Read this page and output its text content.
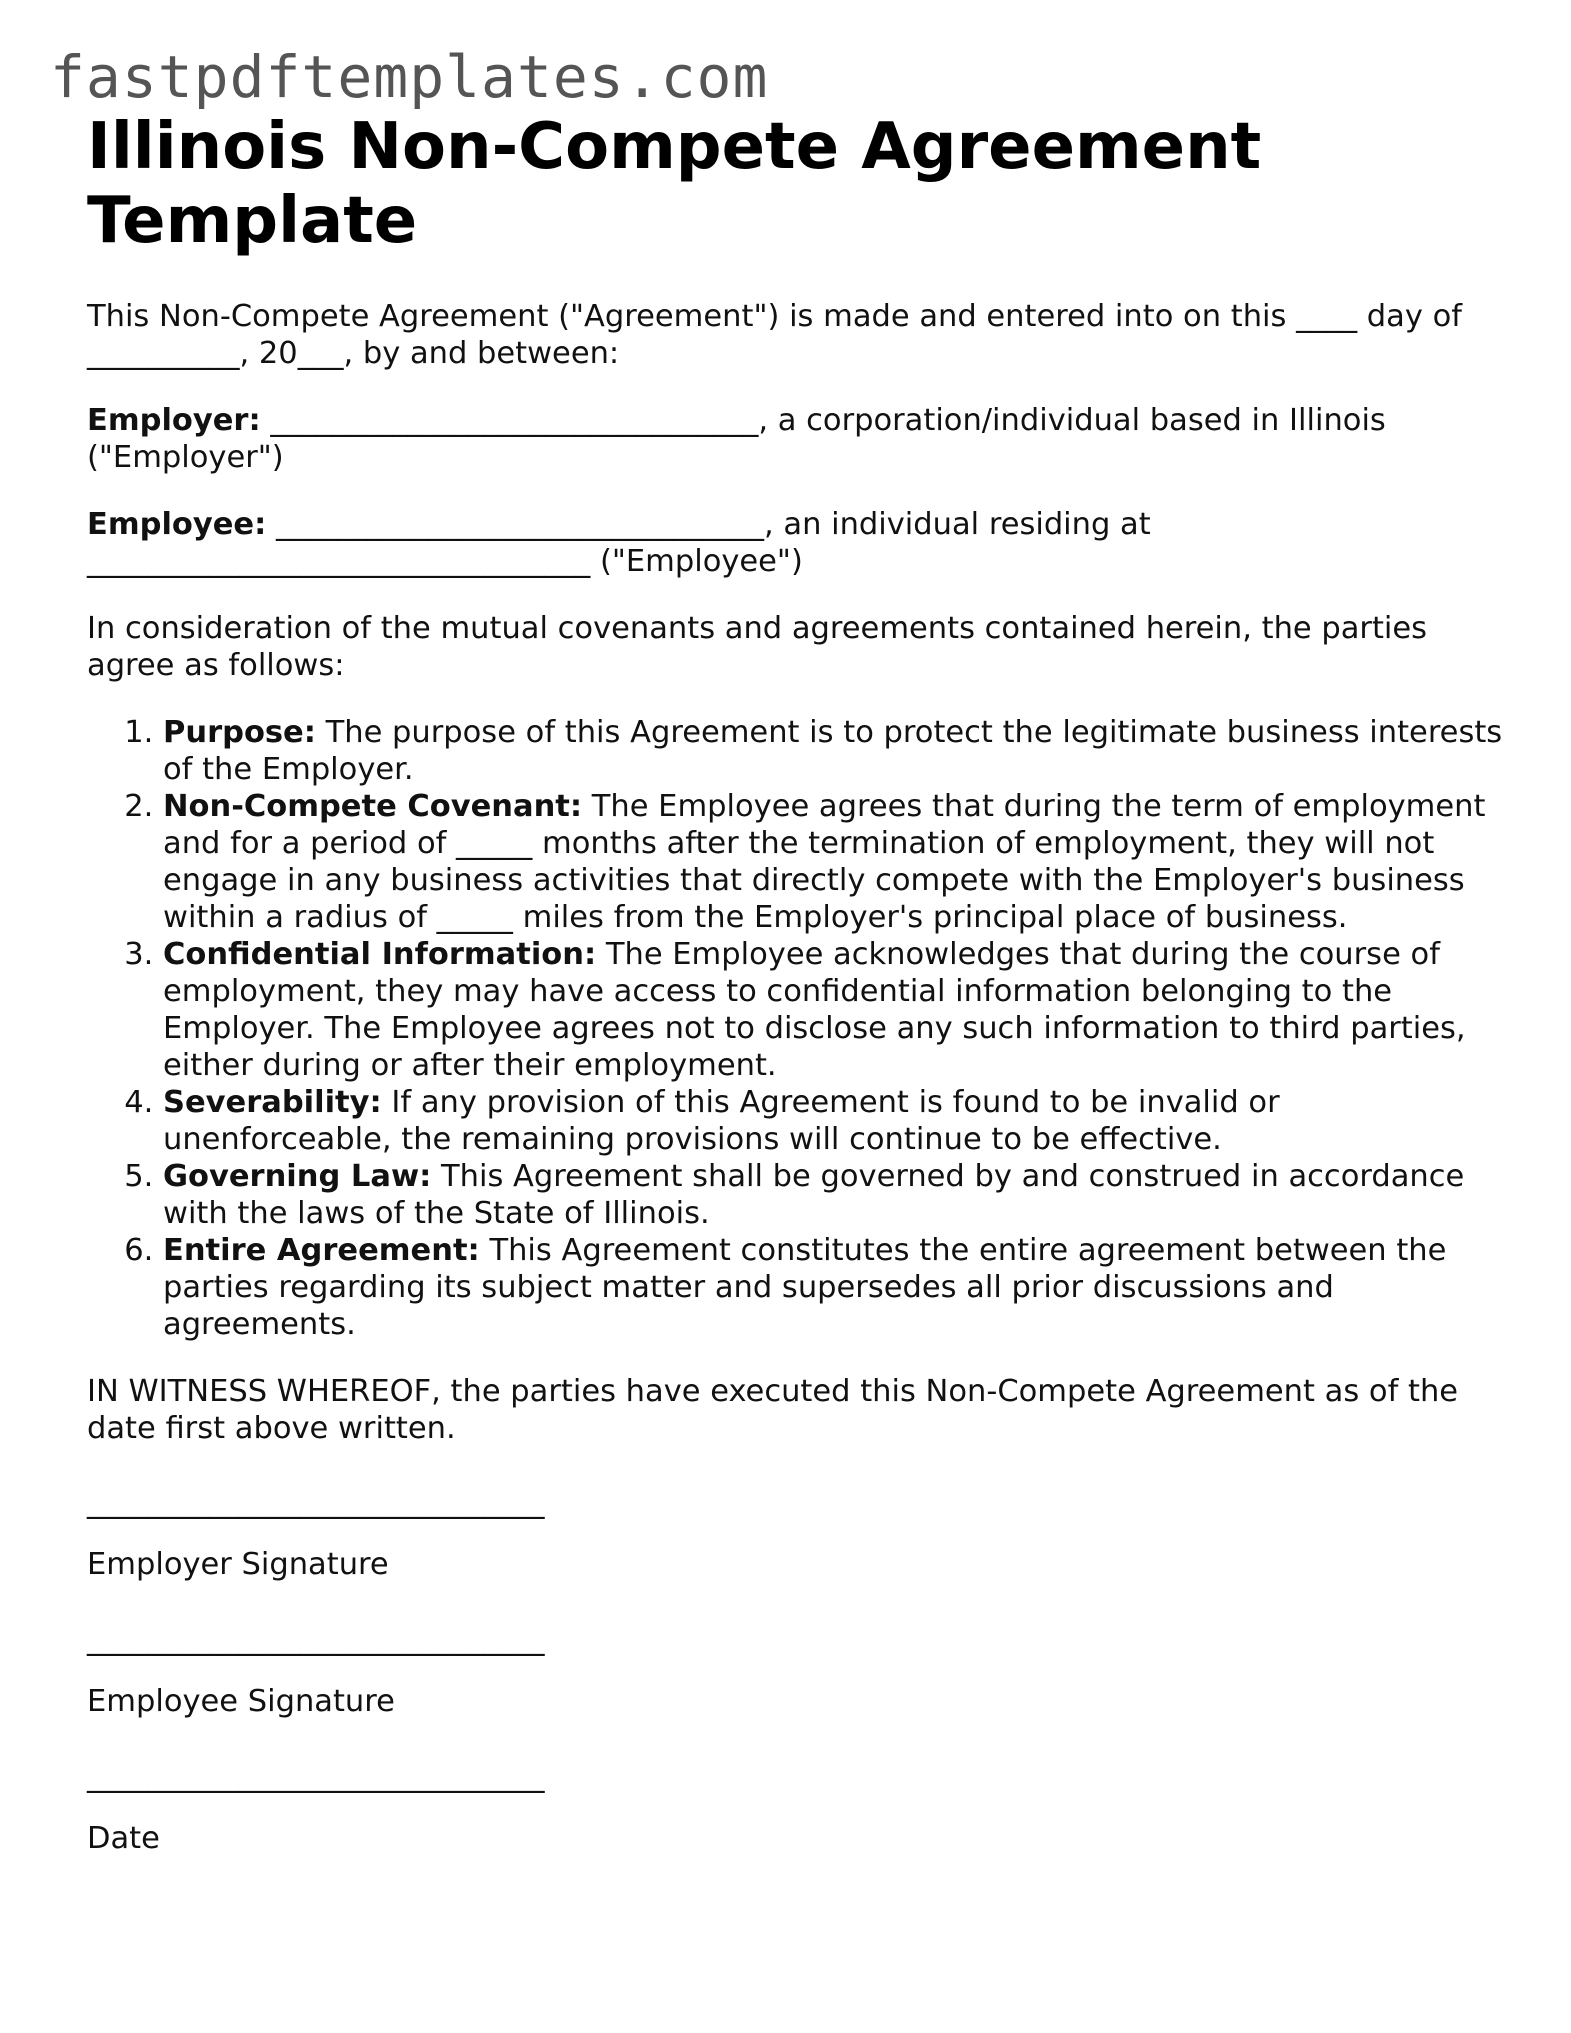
fastpdftemplates.com
Illinois Non-Compete Agreement Template

This Non-Compete Agreement ("Agreement") is made and entered into on this ____ day of __________, 20___, by and between:

Employer: ________________________________, a corporation/individual based in Illinois ("Employer")

Employee: ________________________________, an individual residing at _________________________________ ("Employee")

In consideration of the mutual covenants and agreements contained herein, the parties agree as follows:

1. Purpose: The purpose of this Agreement is to protect the legitimate business interests of the Employer.
2. Non-Compete Covenant: The Employee agrees that during the term of employment and for a period of _____ months after the termination of employment, they will not engage in any business activities that directly compete with the Employer's business within a radius of _____ miles from the Employer's principal place of business.
3. Confidential Information: The Employee acknowledges that during the course of employment, they may have access to confidential information belonging to the Employer. The Employee agrees not to disclose any such information to third parties, either during or after their employment.
4. Severability: If any provision of this Agreement is found to be invalid or unenforceable, the remaining provisions will continue to be effective.
5. Governing Law: This Agreement shall be governed by and construed in accordance with the laws of the State of Illinois.
6. Entire Agreement: This Agreement constitutes the entire agreement between the parties regarding its subject matter and supersedes all prior discussions and agreements.

IN WITNESS WHEREOF, the parties have executed this Non-Compete Agreement as of the date first above written.

______________________________

Employer Signature

______________________________

Employee Signature

______________________________

Date
